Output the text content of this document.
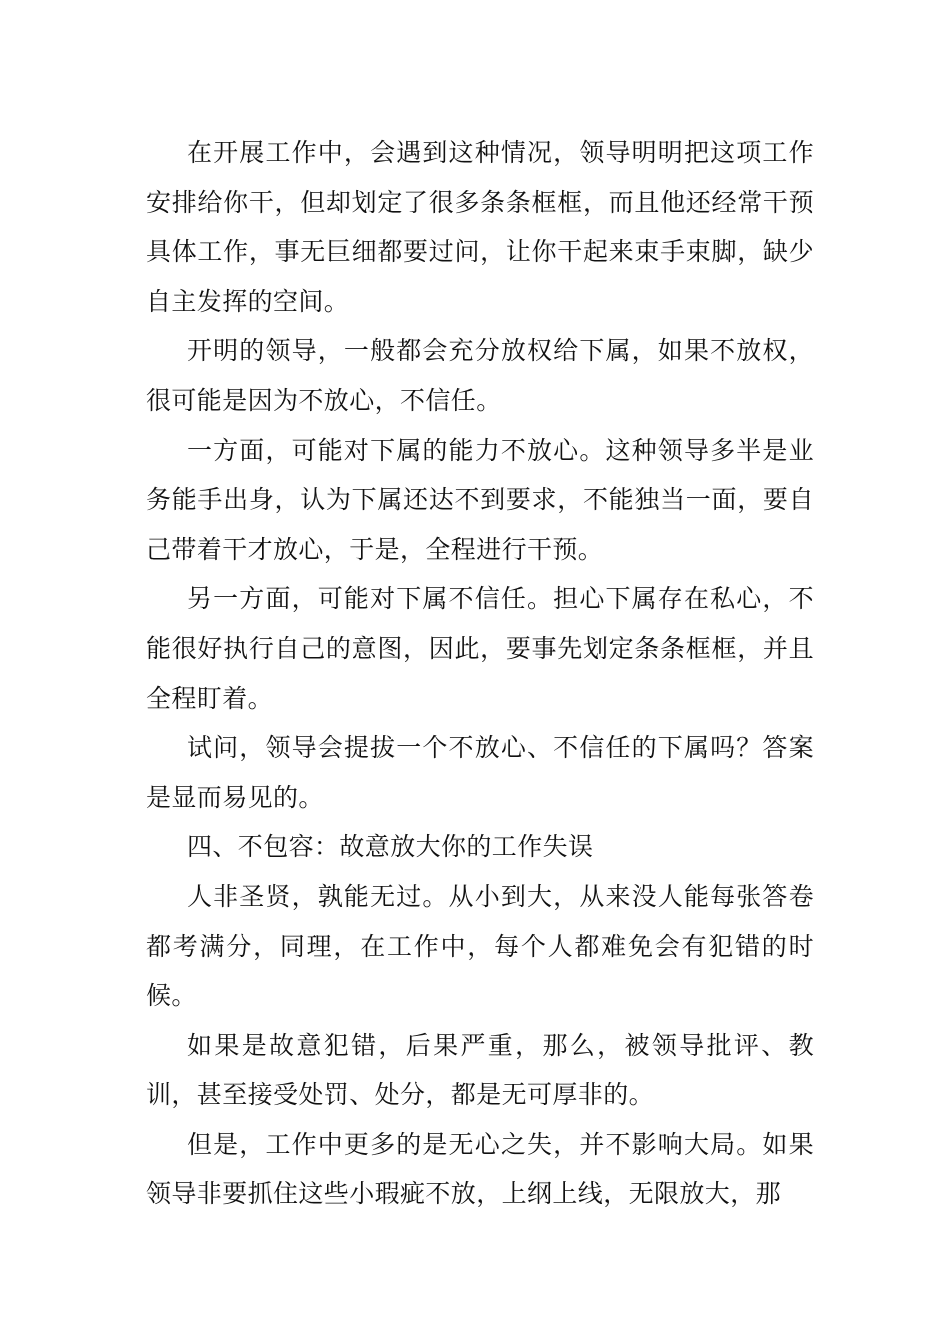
在开展工作中，会遇到这种情况，领导明明把这项工作安排给你干，但却划定了很多条条框框，而且他还经常干预具体工作，事无巨细都要过问，让你干起来束手束脚，缺少自主发挥的空间。

开明的领导，一般都会充分放权给下属，如果不放权，很可能是因为不放心，不信任。

一方面，可能对下属的能力不放心。这种领导多半是业务能手出身，认为下属还达不到要求，不能独当一面，要自己带着干才放心，于是，全程进行干预。

另一方面，可能对下属不信任。担心下属存在私心，不能很好执行自己的意图，因此，要事先划定条条框框，并且全程盯着。

试问，领导会提拔一个不放心、不信任的下属吗？答案是显而易见的。

四、不包容：故意放大你的工作失误

人非圣贤，孰能无过。从小到大，从来没人能每张答卷都考满分，同理，在工作中，每个人都难免会有犯错的时候。

如果是故意犯错，后果严重，那么，被领导批评、教训，甚至接受处罚、处分，都是无可厚非的。

但是，工作中更多的是无心之失，并不影响大局。如果领导非要抓住这些小瑕疵不放，上纲上线，无限放大，那
